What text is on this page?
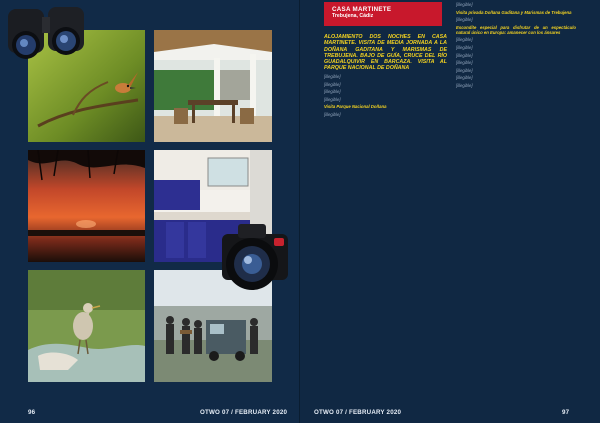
96	OTWO 07 / FEBRUARY 2020
CASA MARTINETE
Trebujena, Cádiz

ALOJAMIENTO DOS NOCHES EN CASA MARTINETE. VISITA DE MEDIA JORNADA A LA DOÑANA GADITANA Y MARISMAS DE TREBUJENA. BAJO DE GUÍA, CRUCE DEL RÍO GUADALQUIVIR EN BARCAZA. VISITA AL PARQUE NACIONAL DE DOÑANA

[illegible]

[illegible]

[illegible]

[illegible]

Visita Parque Nacional Doñana

[illegible]

[illegible]

Visita privada Doñana Gaditana y Marismas de Trebujena

[illegible]

Escondite especial para disfrutar de un espectáculo natural único en Europa: amanecer con los ánsares

[illegible]

[illegible]

[illegible]

[illegible]

[illegible]

[illegible]

[illegible]

OTWO 07 / FEBRUARY 2020	97
